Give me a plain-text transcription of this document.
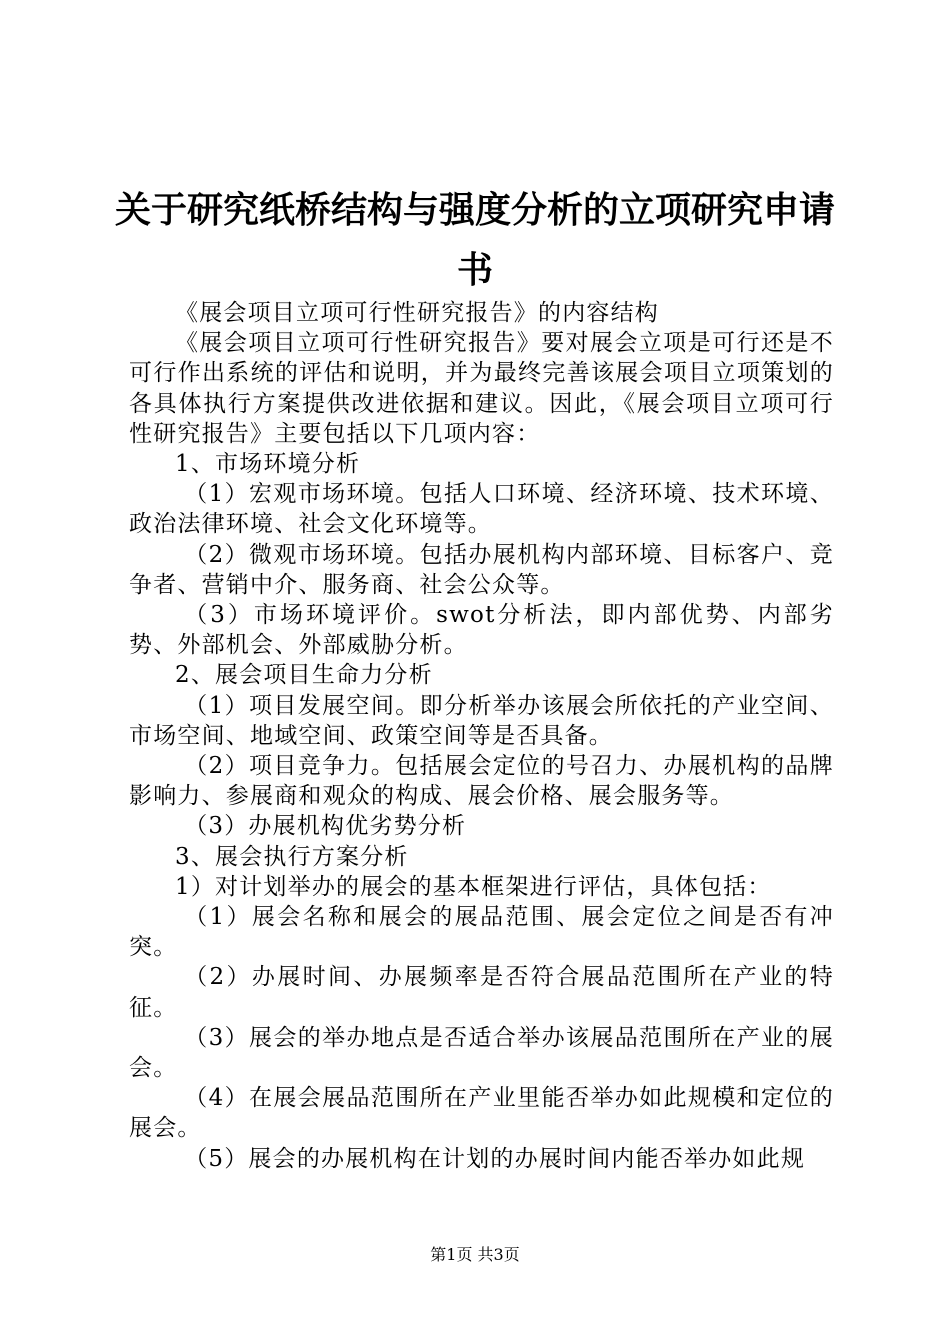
关于研究纸桥结构与强度分析的立项研究申请
书

《展会项目立项可行性研究报告》的内容结构

《展会项目立项可行性研究报告》要对展会立项是可行还是不可行作出系统的评估和说明，并为最终完善该展会项目立项策划的各具体执行方案提供改进依据和建议。因此，《展会项目立项可行性研究报告》主要包括以下几项内容：

1、市场环境分析

（1）宏观市场环境。包括人口环境、经济环境、技术环境、政治法律环境、社会文化环境等。

（2）微观市场环境。包括办展机构内部环境、目标客户、竞争者、营销中介、服务商、社会公众等。

（3）市场环境评价。swot分析法，即内部优势、内部劣势、外部机会、外部威胁分析。

2、展会项目生命力分析

（1）项目发展空间。即分析举办该展会所依托的产业空间、市场空间、地域空间、政策空间等是否具备。

（2）项目竞争力。包括展会定位的号召力、办展机构的品牌影响力、参展商和观众的构成、展会价格、展会服务等。

（3）办展机构优劣势分析

3、展会执行方案分析

1）对计划举办的展会的基本框架进行评估，具体包括：

（1）展会名称和展会的展品范围、展会定位之间是否有冲突。

（2）办展时间、办展频率是否符合展品范围所在产业的特征。

（3）展会的举办地点是否适合举办该展品范围所在产业的展会。

（4）在展会展品范围所在产业里能否举办如此规模和定位的展会。

（5）展会的办展机构在计划的办展时间内能否举办如此规

第1页 共3页
